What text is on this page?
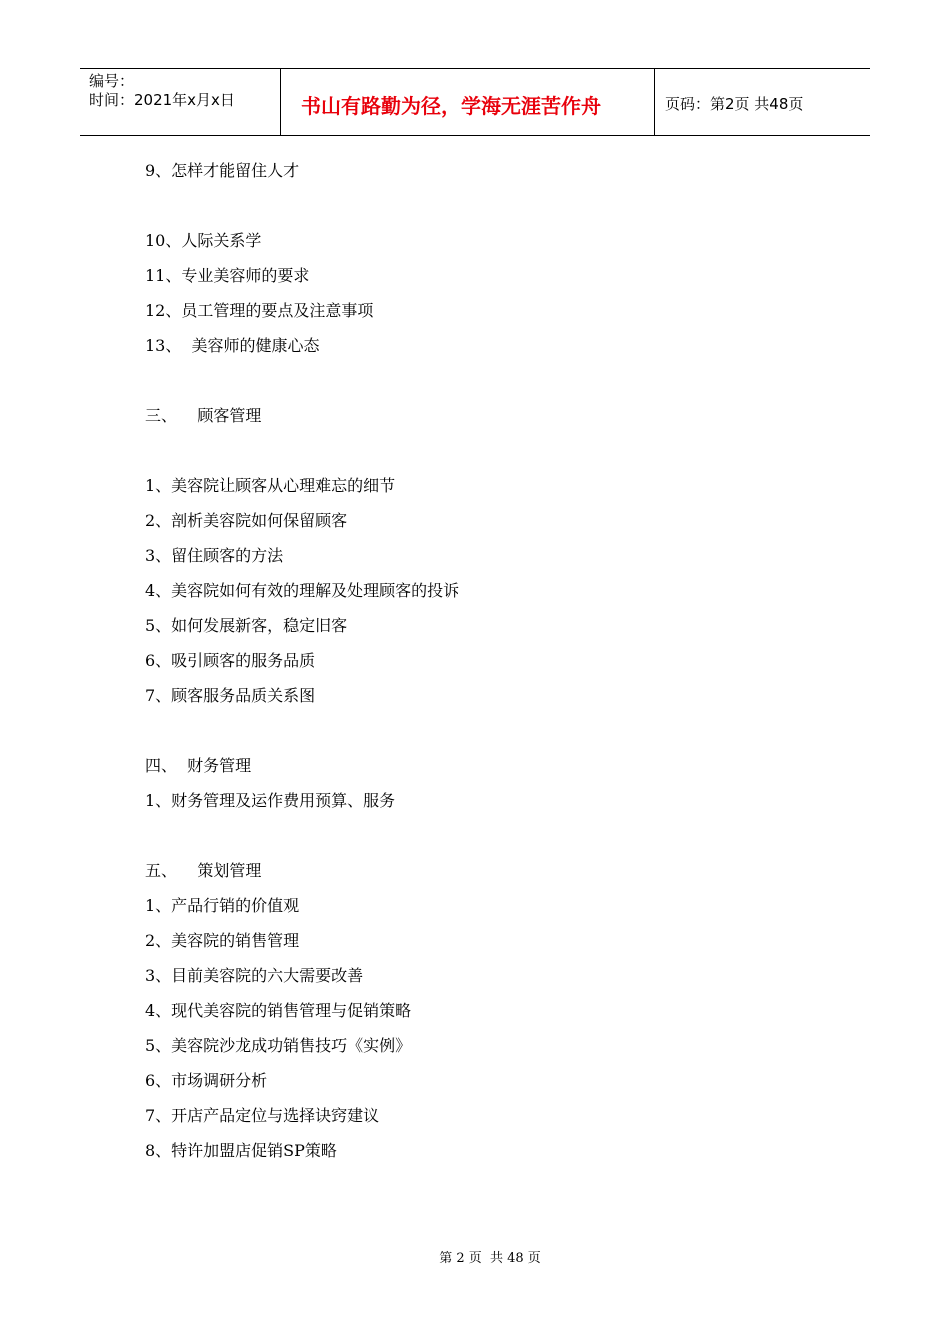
编号：
时间：2021年x月x日	书山有路勤为径，学海无涯苦作舟	页码：第2页 共48页
9、怎样才能留住人才
10、人际关系学
11、专业美容师的要求
12、员工管理的要点及注意事项
13、  美容师的健康心态
三、    顾客管理
1、美容院让顾客从心理难忘的细节
2、剖析美容院如何保留顾客
3、留住顾客的方法
4、美容院如何有效的理解及处理顾客的投诉
5、如何发展新客，稳定旧客
6、吸引顾客的服务品质
7、顾客服务品质关系图
四、  财务管理
1、财务管理及运作费用预算、服务
五、    策划管理
1、产品行销的价值观
2、美容院的销售管理
3、目前美容院的六大需要改善
4、现代美容院的销售管理与促销策略
5、美容院沙龙成功销售技巧《实例》
6、市场调研分析
7、开店产品定位与选择诀窍建议
8、特许加盟店促销SP策略
第 2 页  共 48 页
